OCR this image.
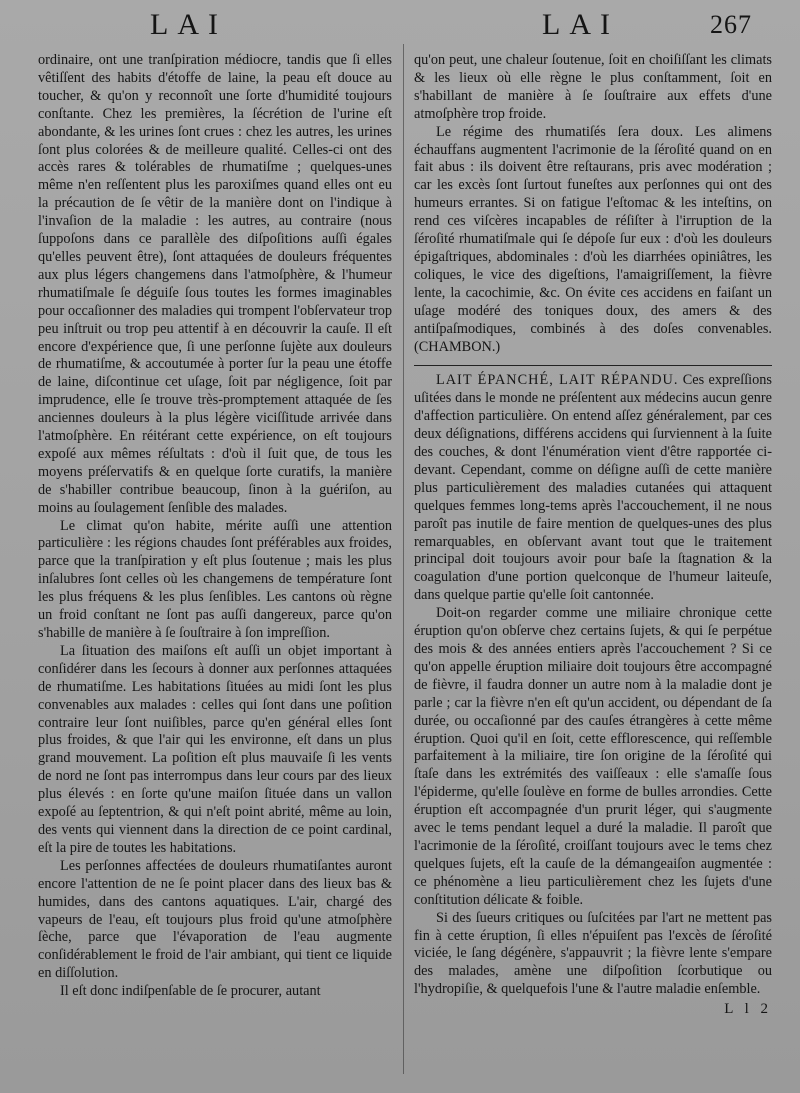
LAI	LAI	267

ordinaire, ont une tranſpiration médiocre, tandis que ſi elles vêtiſſent des habits d'étoffe de laine, la peau eſt douce au toucher, & qu'on y reconnoît une ſorte d'humidité toujours conſtante. Chez les premières, la ſécrétion de l'urine eſt abondante, & les urines ſont crues : chez les autres, les urines ſont plus colorées & de meilleure qualité. Celles-ci ont des accès rares & tolérables de rhumatiſme ; quelques-unes même n'en reſſentent plus les paroxiſmes quand elles ont eu la précaution de ſe vêtir de la manière dont on l'indique à l'invaſion de la maladie : les autres, au contraire (nous ſuppoſons dans ce parallèle des diſpoſitions auſſi égales qu'elles peuvent être), ſont attaquées de douleurs fréquentes aux plus légers changemens dans l'atmoſphère, & l'humeur rhumatiſmale ſe déguiſe ſous toutes les formes imaginables pour occaſionner des maladies qui trompent l'obſervateur trop peu inſtruit ou trop peu attentif à en découvrir la cauſe. Il eſt encore d'expérience que, ſi une perſonne ſujète aux douleurs de rhumatiſme, & accoutumée à porter ſur la peau une étoffe de laine, diſcontinue cet uſage, ſoit par négligence, ſoit par imprudence, elle ſe trouve très-promptement attaquée de ſes anciennes douleurs à la plus légère viciſſitude arrivée dans l'atmoſphère. En réitérant cette expérience, on eſt toujours expoſé aux mêmes réſultats : d'où il ſuit que, de tous les moyens préſervatifs & en quelque ſorte curatifs, la manière de s'habiller contribue beaucoup, ſinon à la guériſon, au moins au ſoulagement ſenſible des malades.

Le climat qu'on habite, mérite auſſi une attention particulière : les régions chaudes ſont préférables aux froides, parce que la tranſpiration y eſt plus ſoutenue ; mais les plus inſalubres ſont celles où les changemens de température ſont les plus fréquens & les plus ſenſibles. Les cantons où règne un froid conſtant ne ſont pas auſſi dangereux, parce qu'on s'habille de manière à ſe ſouſtraire à ſon impreſſion.

La ſituation des maiſons eſt auſſi un objet important à conſidérer dans les ſecours à donner aux perſonnes attaquées de rhumatiſme. Les habitations ſituées au midi ſont les plus convenables aux malades : celles qui ſont dans une poſition contraire leur ſont nuiſibles, parce qu'en général elles ſont plus froides, & que l'air qui les environne, eſt dans un plus grand mouvement. La poſition eſt plus mauvaiſe ſi les vents de nord ne ſont pas interrompus dans leur cours par des lieux plus élevés : en ſorte qu'une maiſon ſituée dans un vallon expoſé au ſeptentrion, & qui n'eſt point abrité, même au loin, des vents qui viennent dans la direction de ce point cardinal, eſt la pire de toutes les habitations.

Les perſonnes affectées de douleurs rhumatiſantes auront encore l'attention de ne ſe point placer dans des lieux bas & humides, dans des cantons aquatiques. L'air, chargé des vapeurs de l'eau, eſt toujours plus froid qu'une atmoſphère ſèche, parce que l'évaporation de l'eau augmente conſidérablement le froid de l'air ambiant, qui tient ce liquide en diſſolution.

Il eſt donc indiſpenſable de ſe procurer, autant

qu'on peut, une chaleur ſoutenue, ſoit en choiſiſſant les climats & les lieux où elle règne le plus conſtamment, ſoit en s'habillant de manière à ſe ſouſtraire aux effets d'une atmoſphère trop froide.

Le régime des rhumatiſés ſera doux. Les alimens échauffans augmentent l'acrimonie de la ſéroſité quand on en fait abus : ils doivent être reſtaurans, pris avec modération ; car les excès ſont ſurtout funeſtes aux perſonnes qui ont des humeurs errantes. Si on fatigue l'eſtomac & les inteſtins, on rend ces viſcères incapables de réſiſter à l'irruption de la ſéroſité rhumatiſmale qui ſe dépoſe ſur eux : d'où les douleurs épigaſtriques, abdominales : d'où les diarrhées opiniâtres, les coliques, le vice des digeſtions, l'amaigriſſement, la fièvre lente, la cacochimie, &c. On évite ces accidens en faiſant un uſage modéré des toniques doux, des amers & des antiſpaſmodiques, combinés à des doſes convenables. (CHAMBON.)

LAIT ÉPANCHÉ, LAIT RÉPANDU. Ces expreſſions uſitées dans le monde ne préſentent aux médecins aucun genre d'affection particulière. On entend aſſez généralement, par ces deux déſignations, différens accidens qui ſurviennent à la ſuite des couches, & dont l'énumération vient d'être rapportée ci-devant. Cependant, comme on déſigne auſſi de cette manière plus particulièrement des maladies cutanées qui attaquent quelques femmes long-tems après l'accouchement, il ne nous paroît pas inutile de faire mention de quelques-unes des plus remarquables, en obſervant avant tout que le traitement principal doit toujours avoir pour baſe la ſtagnation & la coagulation d'une portion quelconque de l'humeur laiteuſe, dans quelque partie qu'elle ſoit cantonnée.

Doit-on regarder comme une miliaire chronique cette éruption qu'on obſerve chez certains ſujets, & qui ſe perpétue des mois & des années entiers après l'accouchement ? Si ce qu'on appelle éruption miliaire doit toujours être accompagné de fièvre, il faudra donner un autre nom à la maladie dont je parle ; car la fièvre n'en eſt qu'un accident, ou dépendant de ſa durée, ou occaſionné par des cauſes étrangères à cette même éruption. Quoi qu'il en ſoit, cette efflorescence, qui reſſemble parfaitement à la miliaire, tire ſon origine de la ſéroſité qui ſtaſe dans les extrémités des vaiſſeaux : elle s'amaſſe ſous l'épiderme, qu'elle ſoulève en forme de bulles arrondies. Cette éruption eſt accompagnée d'un prurit léger, qui s'augmente avec le tems pendant lequel a duré la maladie. Il paroît que l'acrimonie de la ſéroſité, croiſſant toujours avec le tems chez quelques ſujets, eſt la cauſe de la démangeaiſon augmentée : ce phénomène a lieu particulièrement chez les ſujets d'une conſtitution délicate & foible.

Si des ſueurs critiques ou ſuſcitées par l'art ne mettent pas fin à cette éruption, ſi elles n'épuiſent pas l'excès de ſéroſité viciée, le ſang dégénère, s'appauvrit ; la fièvre lente s'empare des malades, amène une diſpoſition ſcorbutique ou l'hydropiſie, & quelquefois l'une & l'autre maladie enſemble.

L l 2
